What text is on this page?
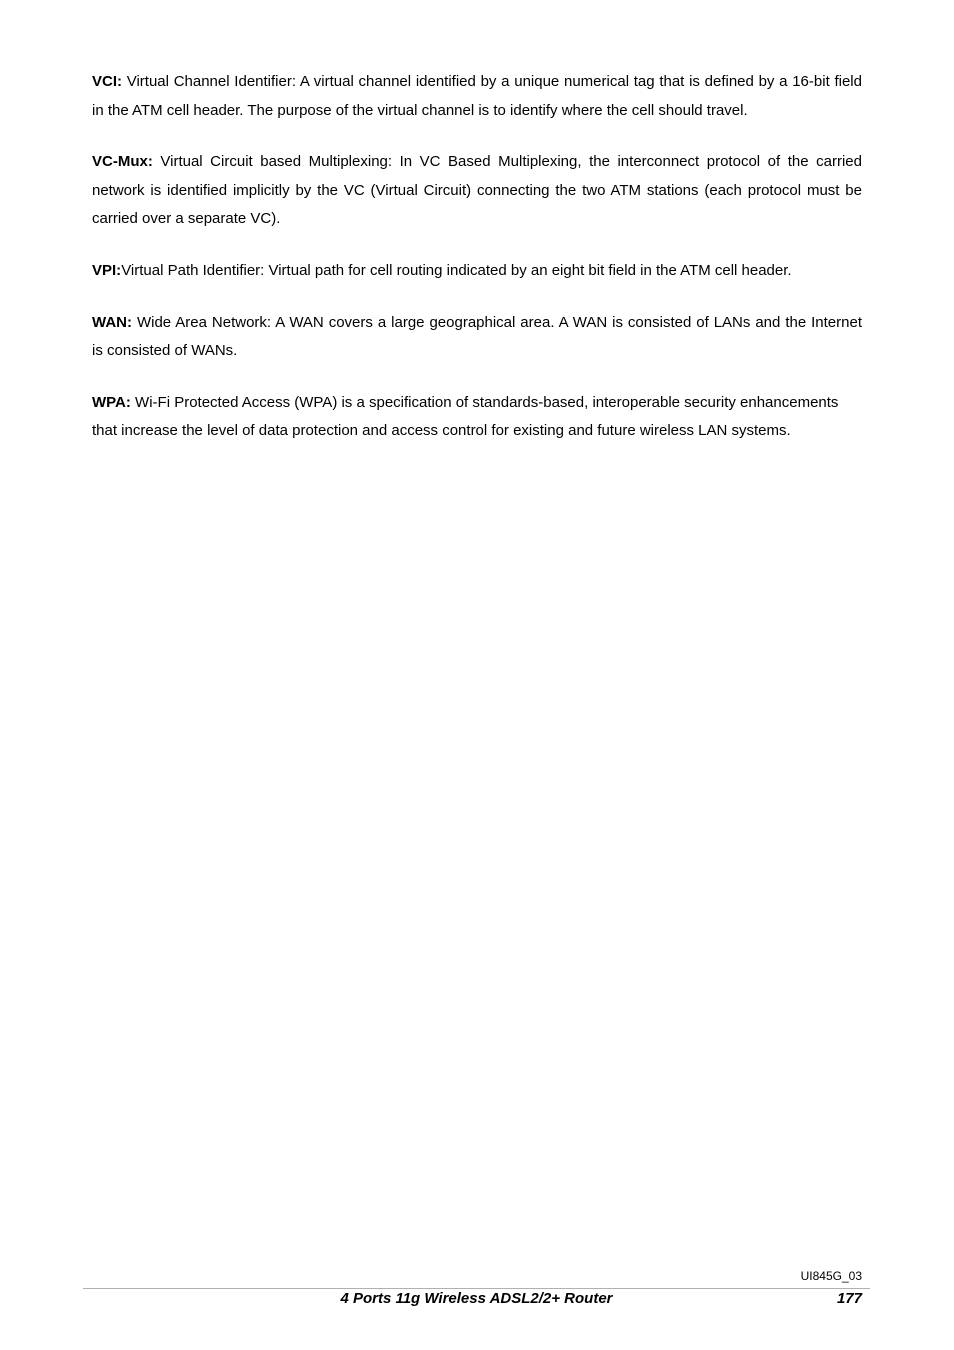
VCI: Virtual Channel Identifier: A virtual channel identified by a unique numerical tag that is defined by a 16-bit field in the ATM cell header. The purpose of the virtual channel is to identify where the cell should travel.

VC-Mux: Virtual Circuit based Multiplexing: In VC Based Multiplexing, the interconnect protocol of the carried network is identified implicitly by the VC (Virtual Circuit) connecting the two ATM stations (each protocol must be carried over a separate VC).

VPI:Virtual Path Identifier: Virtual path for cell routing indicated by an eight bit field in the ATM cell header.

WAN: Wide Area Network: A WAN covers a large geographical area. A WAN is consisted of LANs and the Internet is consisted of WANs.

WPA: Wi-Fi Protected Access (WPA) is a specification of standards-based, interoperable security enhancements that increase the level of data protection and access control for existing and future wireless LAN systems.

UI845G_03
4 Ports 11g Wireless ADSL2/2+ Router	177
